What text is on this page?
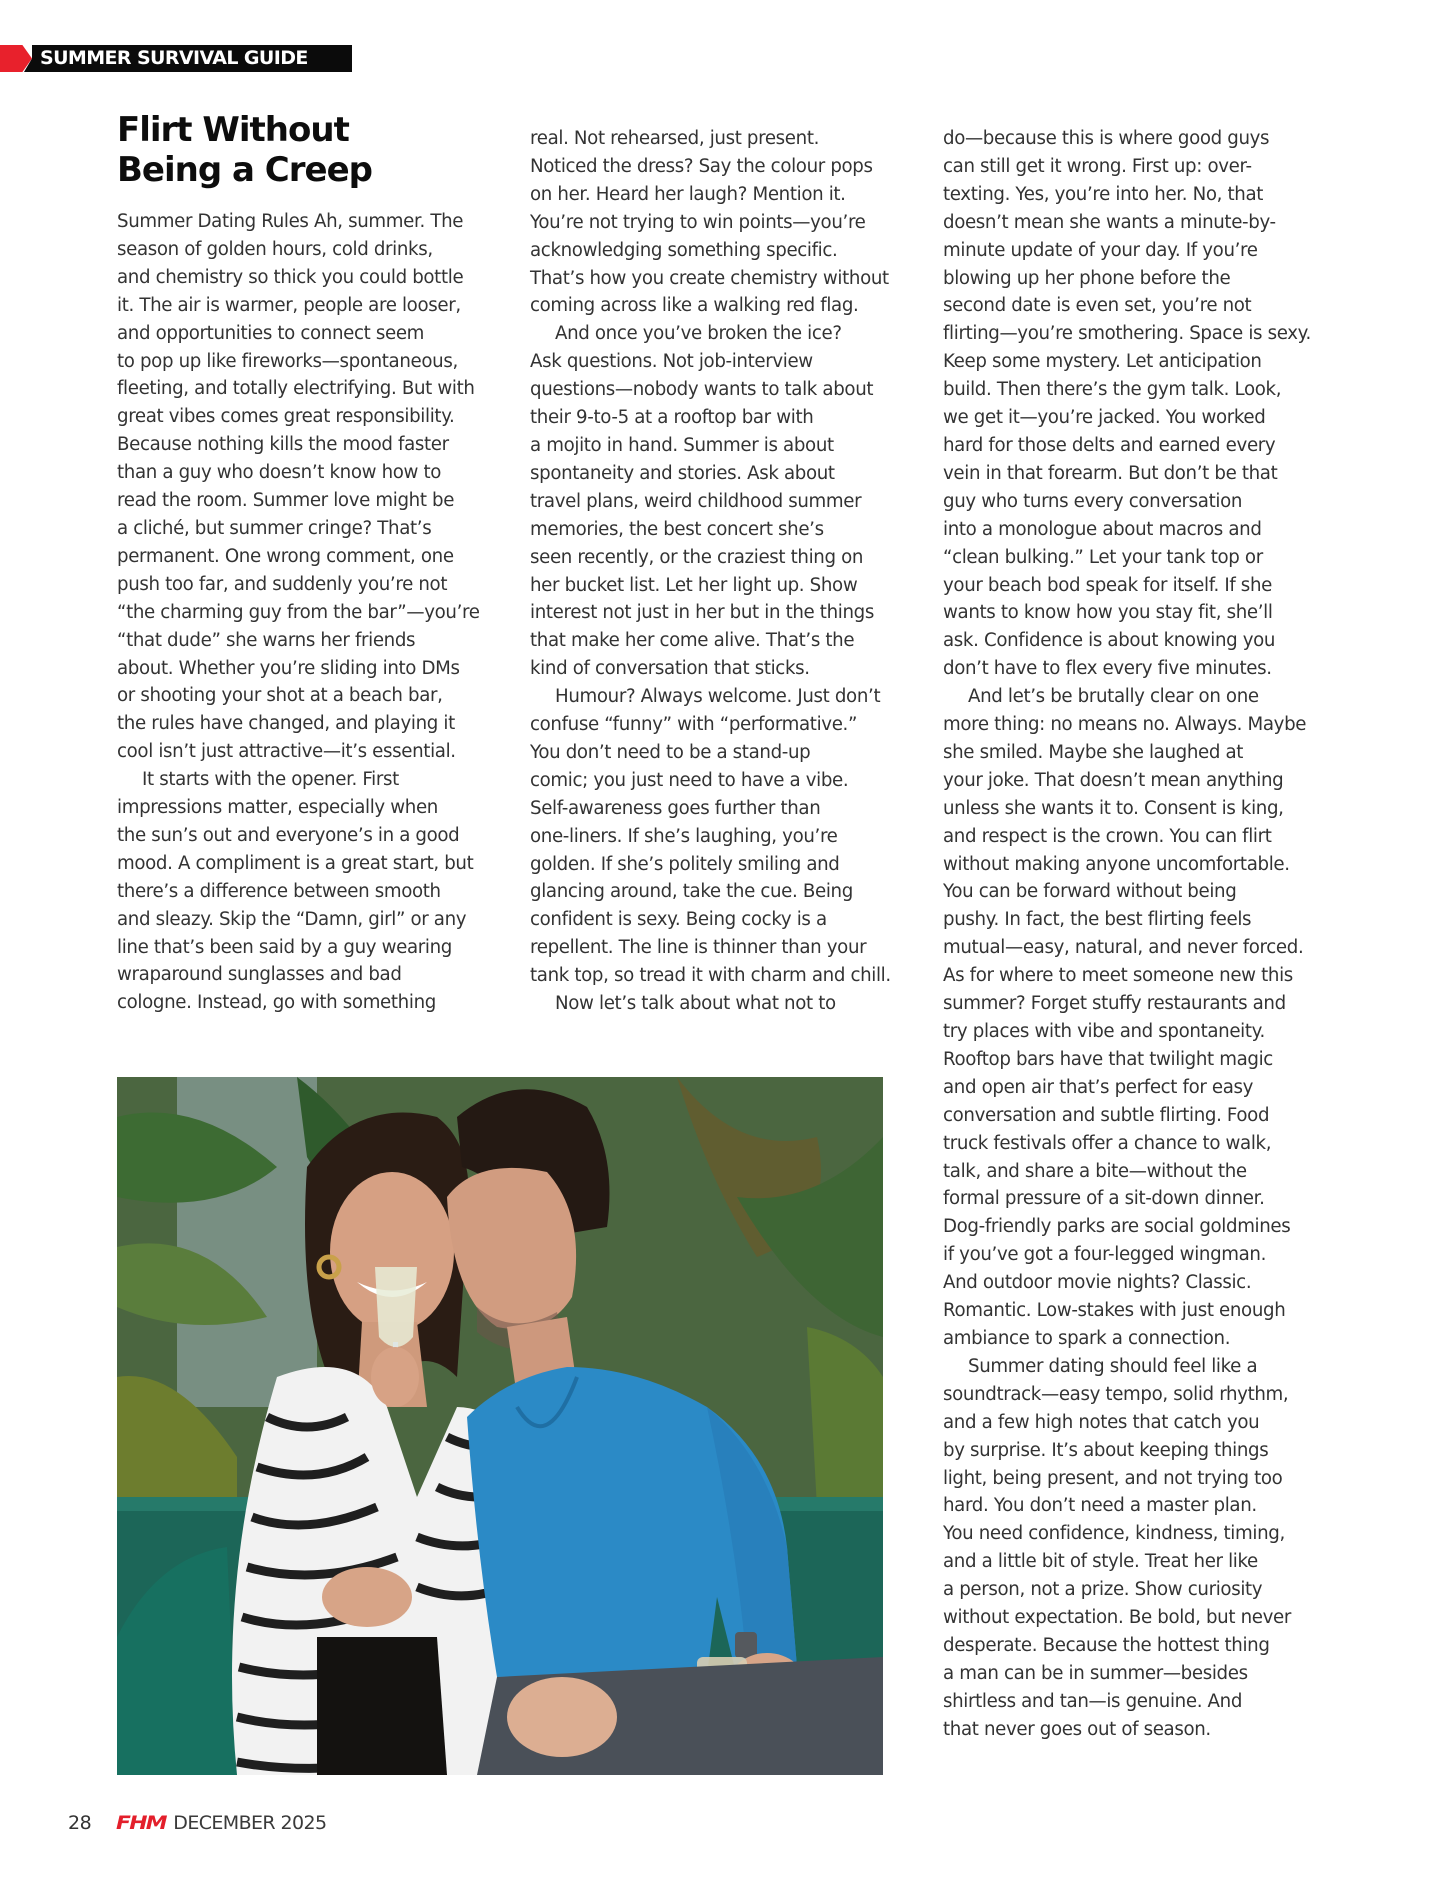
SUMMER SURVIVAL GUIDE
Flirt Without
Being a Creep
Summer Dating Rules Ah, summer. The
season of golden hours, cold drinks,
and chemistry so thick you could bottle
it. The air is warmer, people are looser,
and opportunities to connect seem
to pop up like fireworks—spontaneous,
fleeting, and totally electrifying. But with
great vibes comes great responsibility.
Because nothing kills the mood faster
than a guy who doesn’t know how to
read the room. Summer love might be
a cliché, but summer cringe? That’s
permanent. One wrong comment, one
push too far, and suddenly you’re not
“the charming guy from the bar”—you’re
“that dude” she warns her friends
about. Whether you’re sliding into DMs
or shooting your shot at a beach bar,
the rules have changed, and playing it
cool isn’t just attractive—it’s essential.
It starts with the opener. First
impressions matter, especially when
the sun’s out and everyone’s in a good
mood. A compliment is a great start, but
there’s a difference between smooth
and sleazy. Skip the “Damn, girl” or any
line that’s been said by a guy wearing
wraparound sunglasses and bad
cologne. Instead, go with something
real. Not rehearsed, just present.
Noticed the dress? Say the colour pops
on her. Heard her laugh? Mention it.
You’re not trying to win points—you’re
acknowledging something specific.
That’s how you create chemistry without
coming across like a walking red flag.
And once you’ve broken the ice?
Ask questions. Not job-interview
questions—nobody wants to talk about
their 9-to-5 at a rooftop bar with
a mojito in hand. Summer is about
spontaneity and stories. Ask about
travel plans, weird childhood summer
memories, the best concert she’s
seen recently, or the craziest thing on
her bucket list. Let her light up. Show
interest not just in her but in the things
that make her come alive. That’s the
kind of conversation that sticks.
Humour? Always welcome. Just don’t
confuse “funny” with “performative.”
You don’t need to be a stand-up
comic; you just need to have a vibe.
Self-awareness goes further than
one-liners. If she’s laughing, you’re
golden. If she’s politely smiling and
glancing around, take the cue. Being
confident is sexy. Being cocky is a
repellent. The line is thinner than your
tank top, so tread it with charm and chill.
Now let’s talk about what not to
do—because this is where good guys
can still get it wrong. First up: over-
texting. Yes, you’re into her. No, that
doesn’t mean she wants a minute-by-
minute update of your day. If you’re
blowing up her phone before the
second date is even set, you’re not
flirting—you’re smothering. Space is sexy.
Keep some mystery. Let anticipation
build. Then there’s the gym talk. Look,
we get it—you’re jacked. You worked
hard for those delts and earned every
vein in that forearm. But don’t be that
guy who turns every conversation
into a monologue about macros and
“clean bulking.” Let your tank top or
your beach bod speak for itself. If she
wants to know how you stay fit, she’ll
ask. Confidence is about knowing you
don’t have to flex every five minutes.
And let’s be brutally clear on one
more thing: no means no. Always. Maybe
she smiled. Maybe she laughed at
your joke. That doesn’t mean anything
unless she wants it to. Consent is king,
and respect is the crown. You can flirt
without making anyone uncomfortable.
You can be forward without being
pushy. In fact, the best flirting feels
mutual—easy, natural, and never forced.
As for where to meet someone new this
summer? Forget stuffy restaurants and
try places with vibe and spontaneity.
Rooftop bars have that twilight magic
and open air that’s perfect for easy
conversation and subtle flirting. Food
truck festivals offer a chance to walk,
talk, and share a bite—without the
formal pressure of a sit-down dinner.
Dog-friendly parks are social goldmines
if you’ve got a four-legged wingman.
And outdoor movie nights? Classic.
Romantic. Low-stakes with just enough
ambiance to spark a connection.
Summer dating should feel like a
soundtrack—easy tempo, solid rhythm,
and a few high notes that catch you
by surprise. It’s about keeping things
light, being present, and not trying too
hard. You don’t need a master plan.
You need confidence, kindness, timing,
and a little bit of style. Treat her like
a person, not a prize. Show curiosity
without expectation. Be bold, but never
desperate. Because the hottest thing
a man can be in summer—besides
shirtless and tan—is genuine. And
that never goes out of season.
28	FHM DECEMBER 2025
